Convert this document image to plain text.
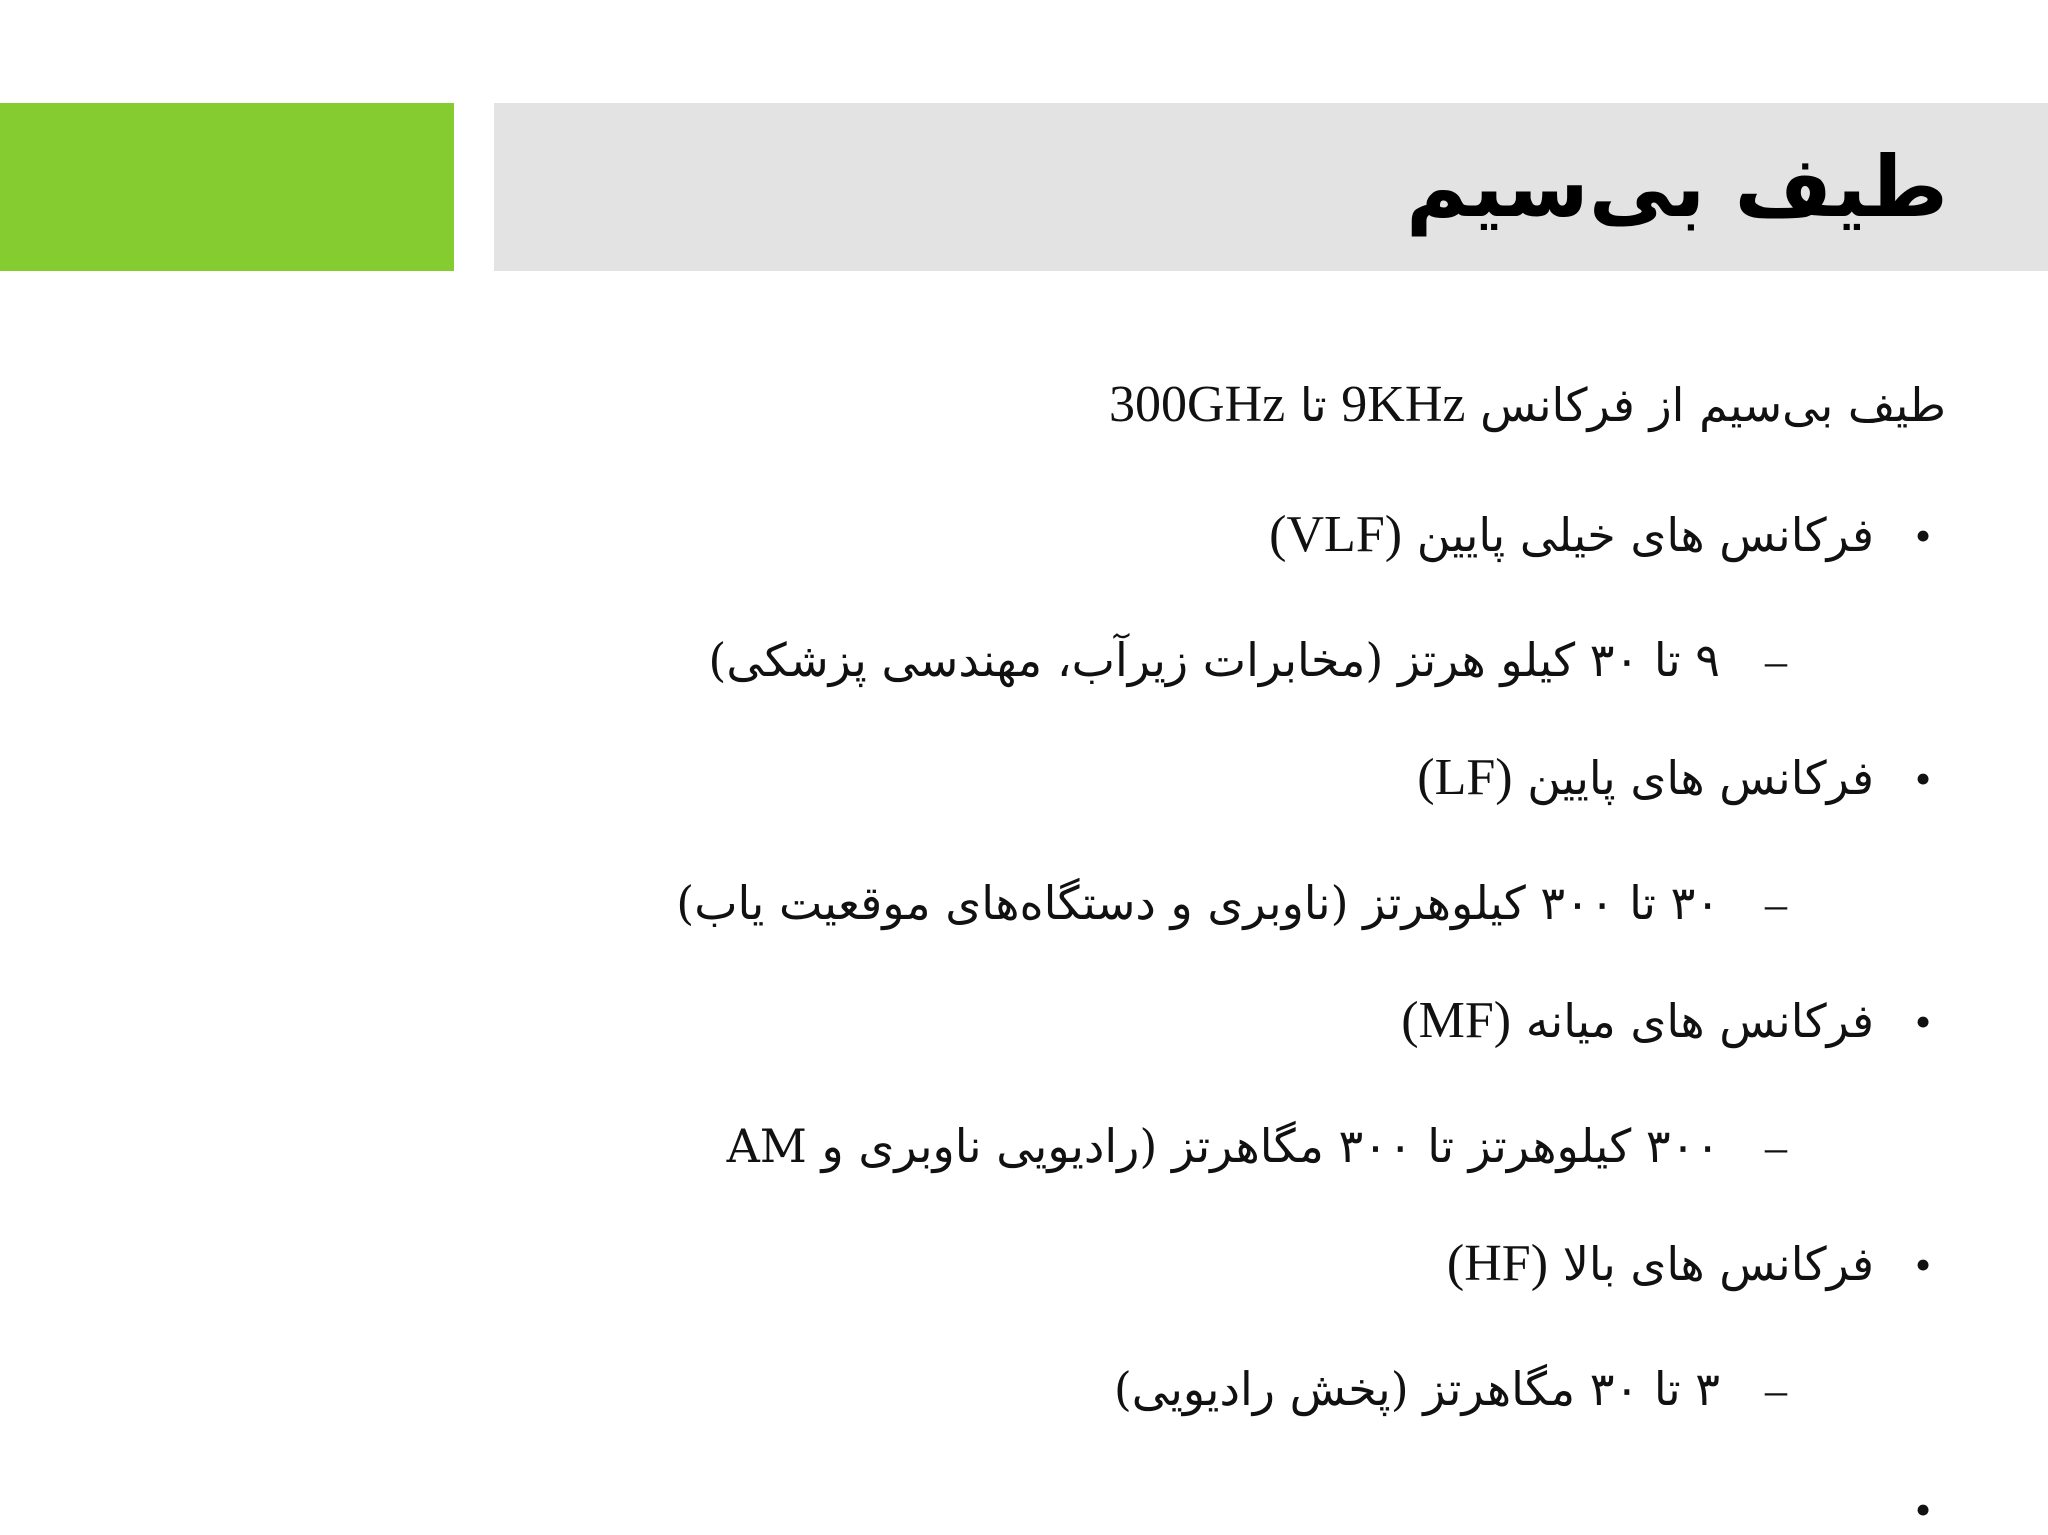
طیف بی‌سیم

طیف بی‌سیم از فرکانس 9KHz تا 300GHz

•فرکانس های خیلی پایین (VLF)
–۹ تا ۳۰ کیلو هرتز (مخابرات زیرآب، مهندسی پزشکی)
•فرکانس های پایین (LF)
–۳۰ تا ۳۰۰ کیلوهرتز (ناوبری و دستگاه‌های موقعیت یاب)
•فرکانس های میانه (MF)
–۳۰۰ کیلوهرتز تا ۳۰۰ مگاهرتز (رادیویی ناوبری و AM
•فرکانس های بالا (HF)
–۳ تا ۳۰ مگاهرتز (پخش رادیویی)
•
